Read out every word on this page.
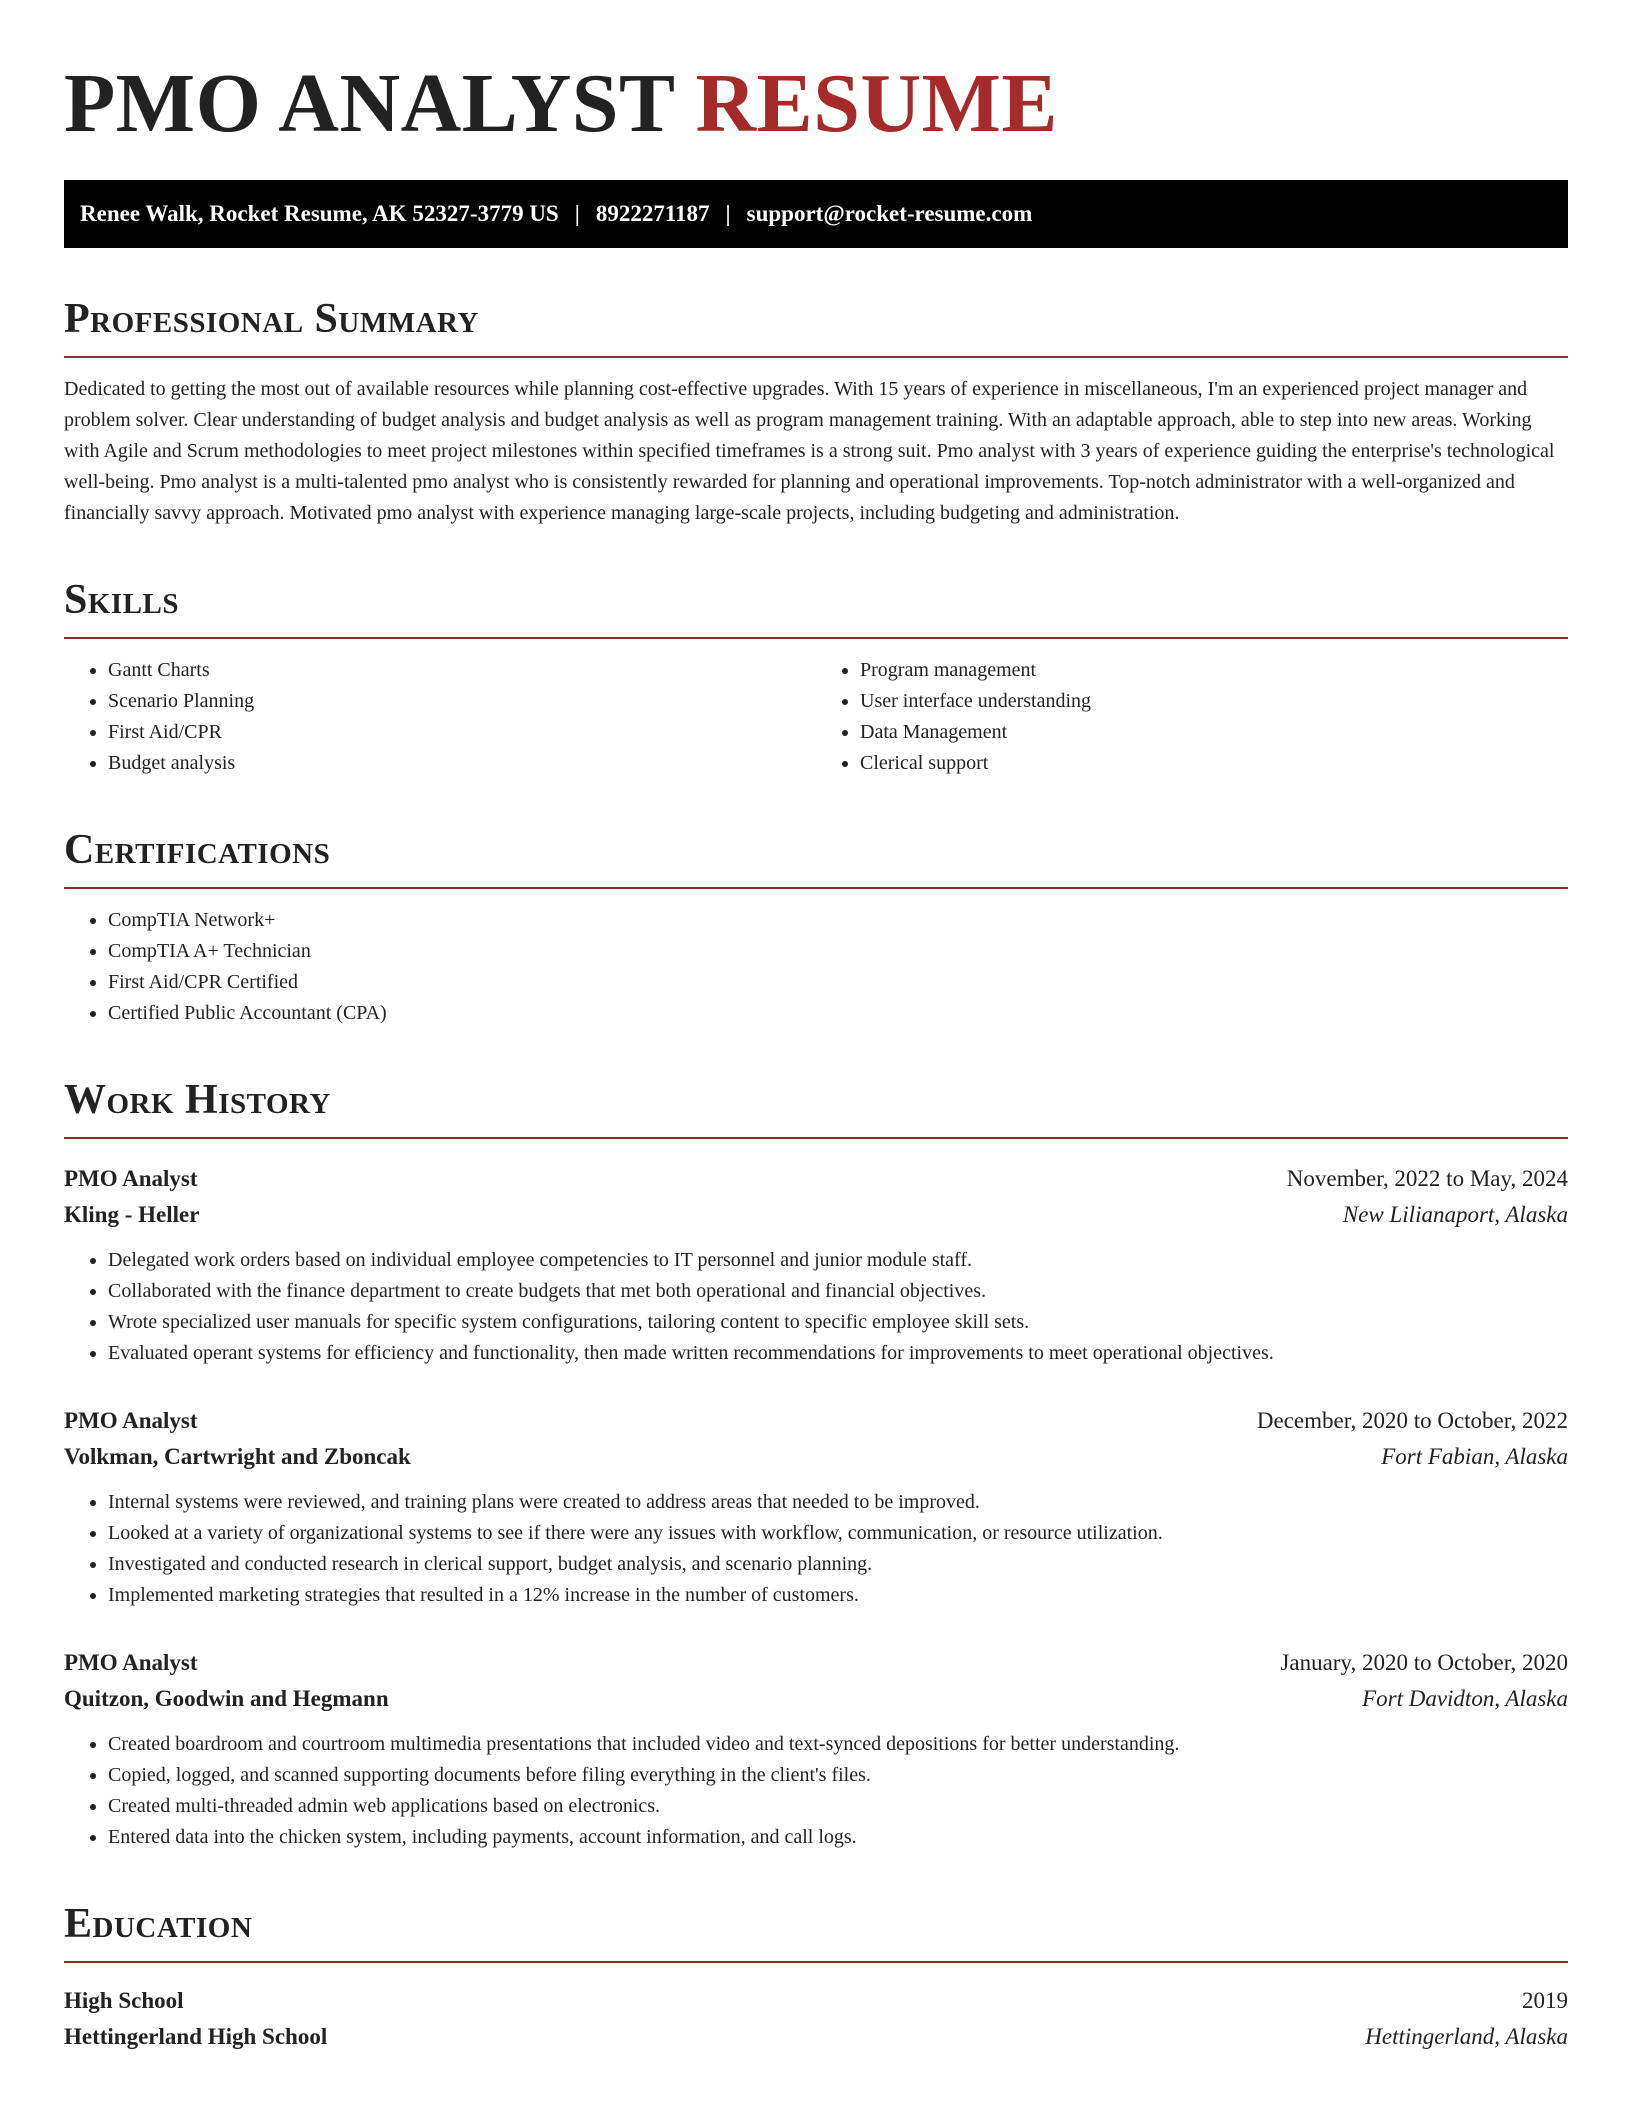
PMO ANALYST RESUME
Renee Walk, Rocket Resume, AK 52327-3779 US | 8922271187 | support@rocket-resume.com
Professional Summary

Dedicated to getting the most out of available resources while planning cost-effective upgrades. With 15 years of experience in miscellaneous, I'm an experienced project manager and problem solver. Clear understanding of budget analysis and budget analysis as well as program management training. With an adaptable approach, able to step into new areas. Working with Agile and Scrum methodologies to meet project milestones within specified timeframes is a strong suit. Pmo analyst with 3 years of experience guiding the enterprise's technological well-being. Pmo analyst is a multi-talented pmo analyst who is consistently rewarded for planning and operational improvements. Top-notch administrator with a well-organized and financially savvy approach. Motivated pmo analyst with experience managing large-scale projects, including budgeting and administration.

Skills
• Gantt Charts
• Scenario Planning
• First Aid/CPR
• Budget analysis
• Program management
• User interface understanding
• Data Management
• Clerical support
Certifications
• CompTIA Network+
• CompTIA A+ Technician
• First Aid/CPR Certified
• Certified Public Accountant (CPA)
Work History
PMO Analyst	November, 2022 to May, 2024
Kling - Heller	New Lilianaport, Alaska
• Delegated work orders based on individual employee competencies to IT personnel and junior module staff.
• Collaborated with the finance department to create budgets that met both operational and financial objectives.
• Wrote specialized user manuals for specific system configurations, tailoring content to specific employee skill sets.
• Evaluated operant systems for efficiency and functionality, then made written recommendations for improvements to meet operational objectives.
PMO Analyst	December, 2020 to October, 2022
Volkman, Cartwright and Zboncak	Fort Fabian, Alaska
• Internal systems were reviewed, and training plans were created to address areas that needed to be improved.
• Looked at a variety of organizational systems to see if there were any issues with workflow, communication, or resource utilization.
• Investigated and conducted research in clerical support, budget analysis, and scenario planning.
• Implemented marketing strategies that resulted in a 12% increase in the number of customers.
PMO Analyst	January, 2020 to October, 2020
Quitzon, Goodwin and Hegmann	Fort Davidton, Alaska
• Created boardroom and courtroom multimedia presentations that included video and text-synced depositions for better understanding.
• Copied, logged, and scanned supporting documents before filing everything in the client's files.
• Created multi-threaded admin web applications based on electronics.
• Entered data into the chicken system, including payments, account information, and call logs.
Education
High School	2019
Hettingerland High School	Hettingerland, Alaska
